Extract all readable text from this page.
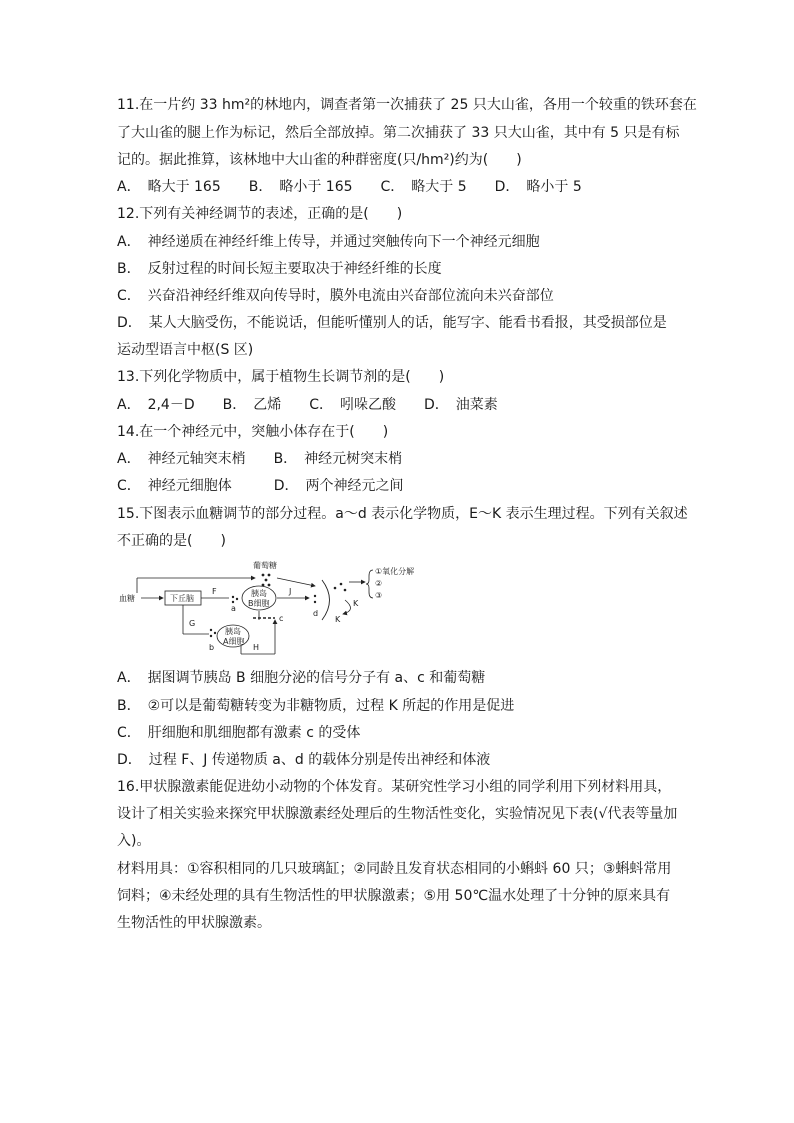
11.在一片约 33 hm²的林地内，调查者第一次捕获了 25 只大山雀，各用一个较重的铁环套在
了大山雀的腿上作为标记，然后全部放掉。第二次捕获了 33 只大山雀，其中有 5 只是有标
记的。据此推算，该林地中大山雀的种群密度(只/hm²)约为(　　)
A．　略大于 165　　B．　略小于 165　　C．　略大于 5　　D．　略小于 5
12.下列有关神经调节的表述，正确的是(　　)
A．　神经递质在神经纤维上传导，并通过突触传向下一个神经元细胞
B．　反射过程的时间长短主要取决于神经纤维的长度
C．　兴奋沿神经纤维双向传导时，膜外电流由兴奋部位流向未兴奋部位
D．　某人大脑受伤，不能说话，但能听懂别人的话，能写字、能看书看报，其受损部位是
运动型语言中枢(S 区)
13.下列化学物质中，属于植物生长调节剂的是(　　)
A．　2,4－D　　B．　乙烯　　C．　吲哚乙酸　　D．　油菜素
14.在一个神经元中，突触小体存在于(　　)
A．　神经元轴突末梢　　B．　神经元树突末梢
C．　神经元细胞体　　　D．　两个神经元之间
15.下图表示血糖调节的部分过程。a～d 表示化学物质，E～K 表示生理过程。下列有关叙述
不正确的是(　　)
血糖
葡萄糖
下丘脑
F
a
胰岛
B细胞
J
d
K
K
①氧化分解
②
③
c
G
b
胰岛
A细胞
H
A．　据图调节胰岛 B 细胞分泌的信号分子有 a、c 和葡萄糖
B．　②可以是葡萄糖转变为非糖物质，过程 K 所起的作用是促进
C．　肝细胞和肌细胞都有激素 c 的受体
D．　过程 F、J 传递物质 a、d 的载体分别是传出神经和体液
16.甲状腺激素能促进幼小动物的个体发育。某研究性学习小组的同学利用下列材料用具，
设计了相关实验来探究甲状腺激素经处理后的生物活性变化，实验情况见下表(√代表等量加
入)。
材料用具：①容积相同的几只玻璃缸；②同龄且发育状态相同的小蝌蚪 60 只；③蝌蚪常用
饲料；④未经处理的具有生物活性的甲状腺激素；⑤用 50℃温水处理了十分钟的原来具有
生物活性的甲状腺激素。
